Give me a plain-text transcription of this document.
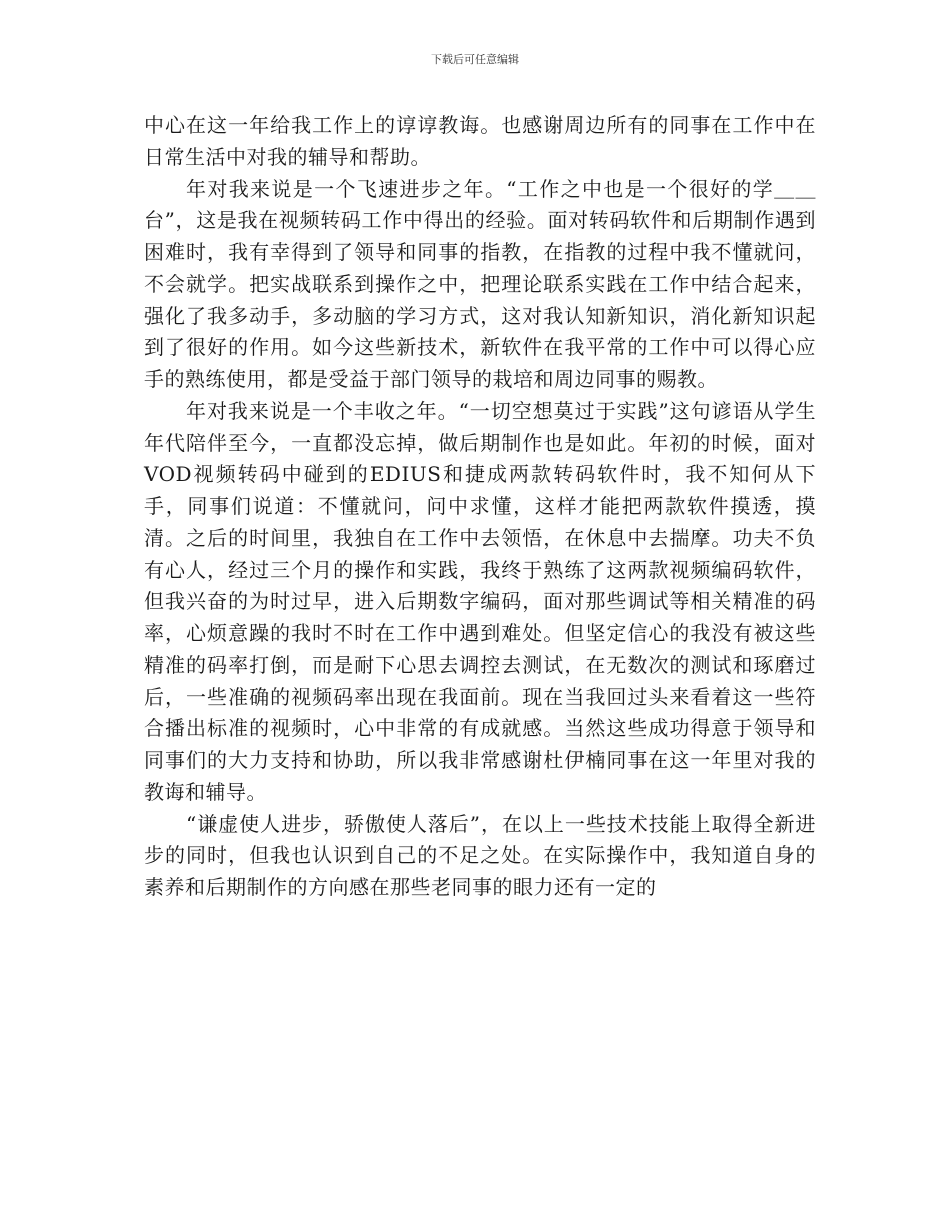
下载后可任意编辑

中心在这一年给我工作上的谆谆教诲。也感谢周边所有的同事在工作中在日常生活中对我的辅导和帮助。

年对我来说是一个飞速进步之年。“工作之中也是一个很好的学＿＿台”，这是我在视频转码工作中得出的经验。面对转码软件和后期制作遇到困难时，我有幸得到了领导和同事的指教，在指教的过程中我不懂就问，不会就学。把实战联系到操作之中，把理论联系实践在工作中结合起来，强化了我多动手，多动脑的学习方式，这对我认知新知识，消化新知识起到了很好的作用。如今这些新技术，新软件在我平常的工作中可以得心应手的熟练使用，都是受益于部门领导的栽培和周边同事的赐教。

年对我来说是一个丰收之年。“一切空想莫过于实践”这句谚语从学生年代陪伴至今，一直都没忘掉，做后期制作也是如此。年初的时候，面对VOD视频转码中碰到的EDIUS和捷成两款转码软件时，我不知何从下手，同事们说道：不懂就问，问中求懂，这样才能把两款软件摸透，摸清。之后的时间里，我独自在工作中去领悟，在休息中去揣摩。功夫不负有心人，经过三个月的操作和实践，我终于熟练了这两款视频编码软件，但我兴奋的为时过早，进入后期数字编码，面对那些调试等相关精准的码率，心烦意躁的我时不时在工作中遇到难处。但坚定信心的我没有被这些精准的码率打倒，而是耐下心思去调控去测试，在无数次的测试和琢磨过后，一些准确的视频码率出现在我面前。现在当我回过头来看着这一些符合播出标准的视频时，心中非常的有成就感。当然这些成功得意于领导和同事们的大力支持和协助，所以我非常感谢杜伊楠同事在这一年里对我的教诲和辅导。

“谦虚使人进步，骄傲使人落后”，在以上一些技术技能上取得全新进步的同时，但我也认识到自己的不足之处。在实际操作中，我知道自身的素养和后期制作的方向感在那些老同事的眼力还有一定的
